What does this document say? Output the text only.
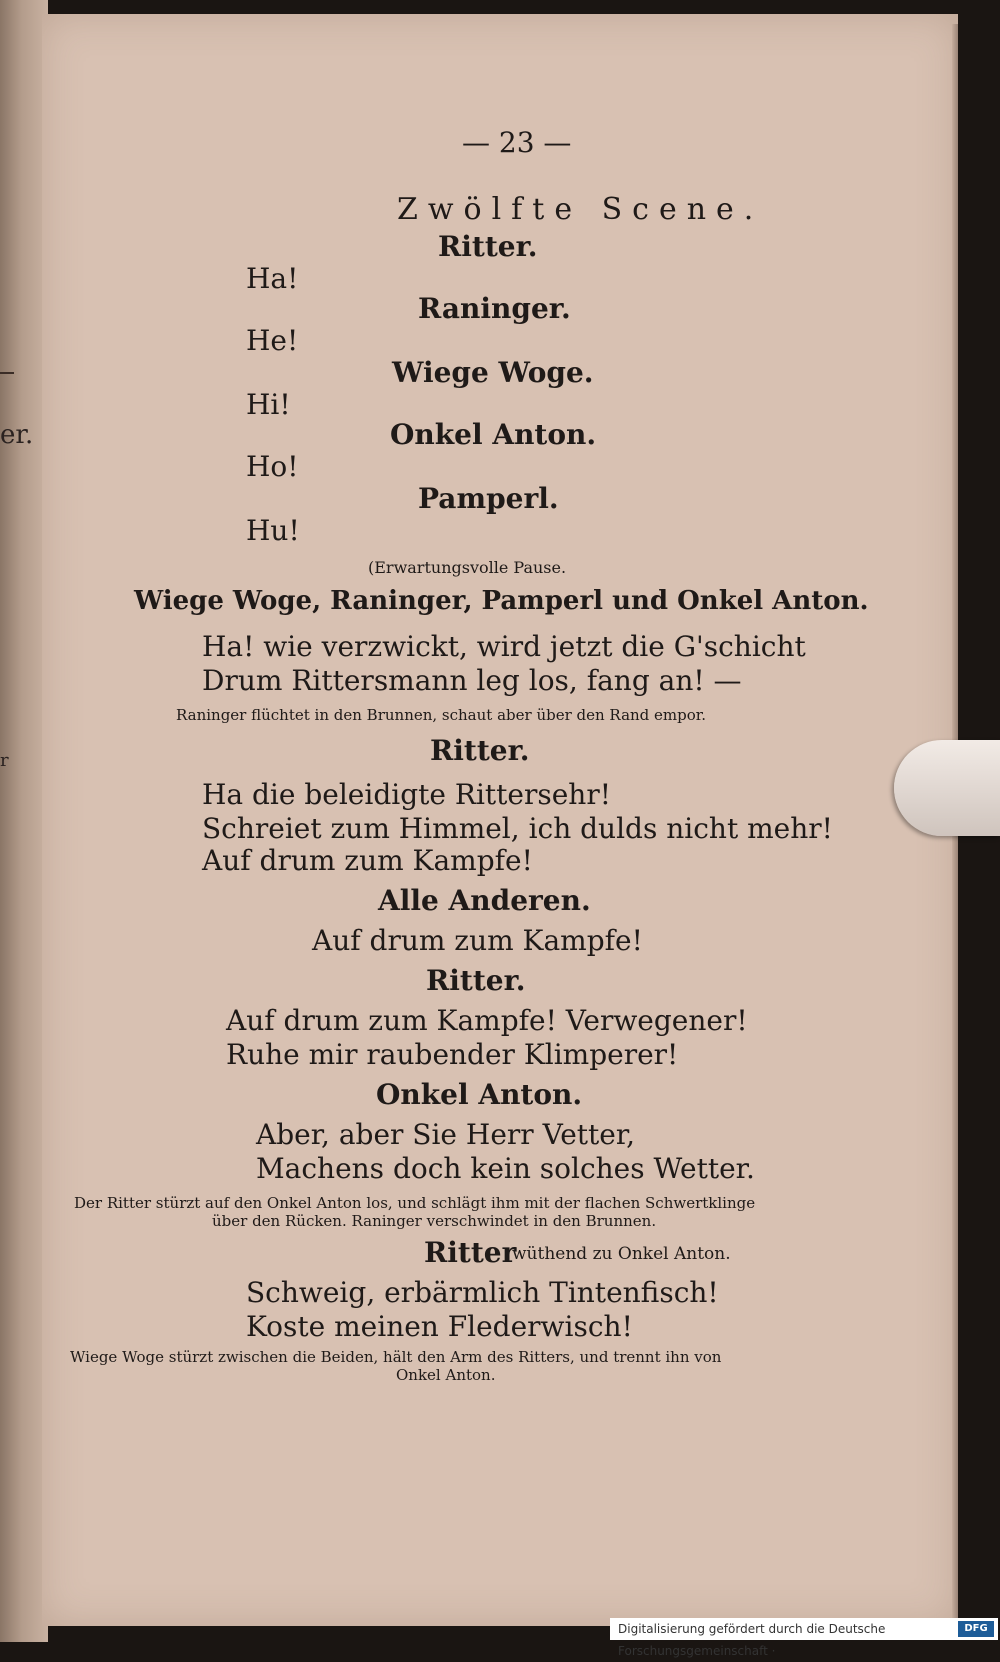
er.
r
— 23 —
Zwölfte Scene.
Ritter.
Ha!
Raninger.
He!
Wiege Woge.
Hi!
Onkel Anton.
Ho!
Pamperl.
Hu!
(Erwartungsvolle Pause.
Wiege Woge, Raninger, Pamperl und Onkel Anton.
Ha! wie verzwickt, wird jetzt die G'schicht
Drum Rittersmann leg los, fang an! —
Raninger flüchtet in den Brunnen, schaut aber über den Rand empor.
Ritter.
Ha die beleidigte Rittersehr!
Schreiet zum Himmel, ich dulds nicht mehr!
Auf drum zum Kampfe!
Alle Anderen.
Auf drum zum Kampfe!
Ritter.
Auf drum zum Kampfe! Verwegener!
Ruhe mir raubender Klimperer!
Onkel Anton.
Aber, aber Sie Herr Vetter,
Machens doch kein solches Wetter.
Der Ritter stürzt auf den Onkel Anton los, und schlägt ihm mit der flachen Schwertklinge
über den Rücken. Raninger verschwindet in den Brunnen.
Ritter
wüthend zu Onkel Anton.
Schweig, erbärmlich Tintenfisch!
Koste meinen Flederwisch!
Wiege Woge stürzt zwischen die Beiden, hält den Arm des Ritters, und trennt ihn von
Onkel Anton.
Digitalisierung gefördert durch die Deutsche Forschungsgemeinschaft ·
DFG
